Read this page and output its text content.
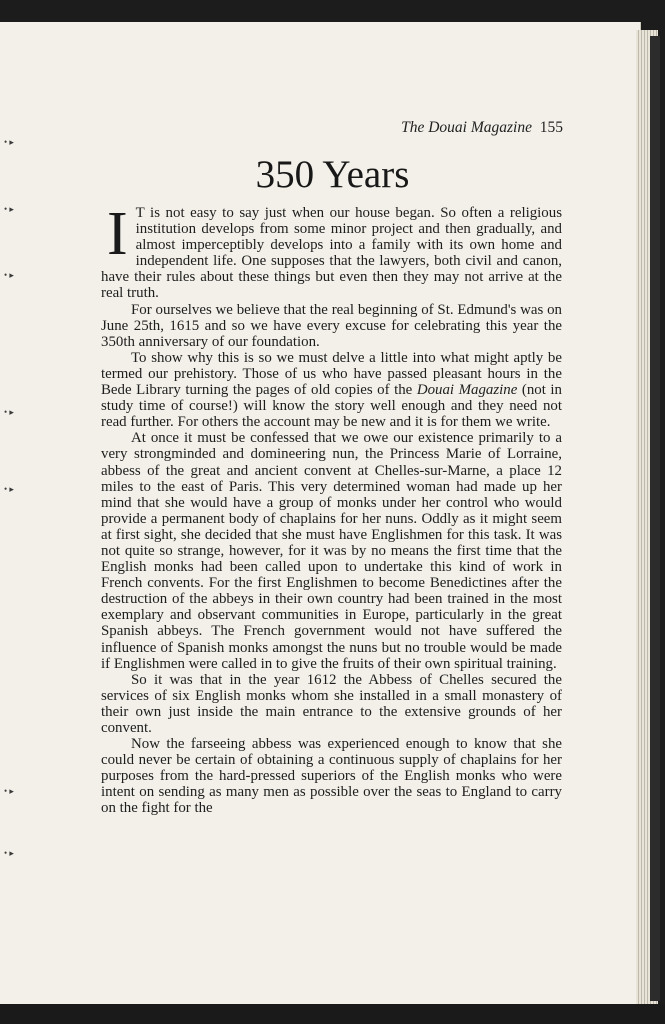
• ▸
• ▸
• ▸
• ▸
• ▸
• ▸
• ▸
The Douai Magazine 155
350 Years

I T is not easy to say just when our house began. So often a religious institution develops from some minor project and then gradually, and almost imperceptibly develops into a family with its own home and independent life. One supposes that the lawyers, both civil and canon, have their rules about these things but even then they may not arrive at the real truth.

For ourselves we believe that the real beginning of St. Edmund's was on June 25th, 1615 and so we have every excuse for celebrating this year the 350th anniversary of our foundation.

To show why this is so we must delve a little into what might aptly be termed our prehistory. Those of us who have passed pleasant hours in the Bede Library turning the pages of old copies of the Douai Magazine (not in study time of course!) will know the story well enough and they need not read further. For others the account may be new and it is for them we write.

At once it must be confessed that we owe our existence primarily to a very strongminded and domineering nun, the Princess Marie of Lorraine, abbess of the great and ancient convent at Chelles-sur-Marne, a place 12 miles to the east of Paris. This very determined woman had made up her mind that she would have a group of monks under her control who would provide a permanent body of chaplains for her nuns. Oddly as it might seem at first sight, she decided that she must have Englishmen for this task. It was not quite so strange, however, for it was by no means the first time that the English monks had been called upon to undertake this kind of work in French convents. For the first Englishmen to become Benedictines after the destruction of the abbeys in their own country had been trained in the most exemplary and observant communities in Europe, particularly in the great Spanish abbeys. The French government would not have suffered the influence of Spanish monks amongst the nuns but no trouble would be made if Englishmen were called in to give the fruits of their own spiritual training.

So it was that in the year 1612 the Abbess of Chelles secured the services of six English monks whom she installed in a small monastery of their own just inside the main entrance to the extensive grounds of her convent.

Now the farseeing abbess was experienced enough to know that she could never be certain of obtaining a continuous supply of chaplains for her purposes from the hard-pressed superiors of the English monks who were intent on sending as many men as possible over the seas to England to carry on the fight for the
